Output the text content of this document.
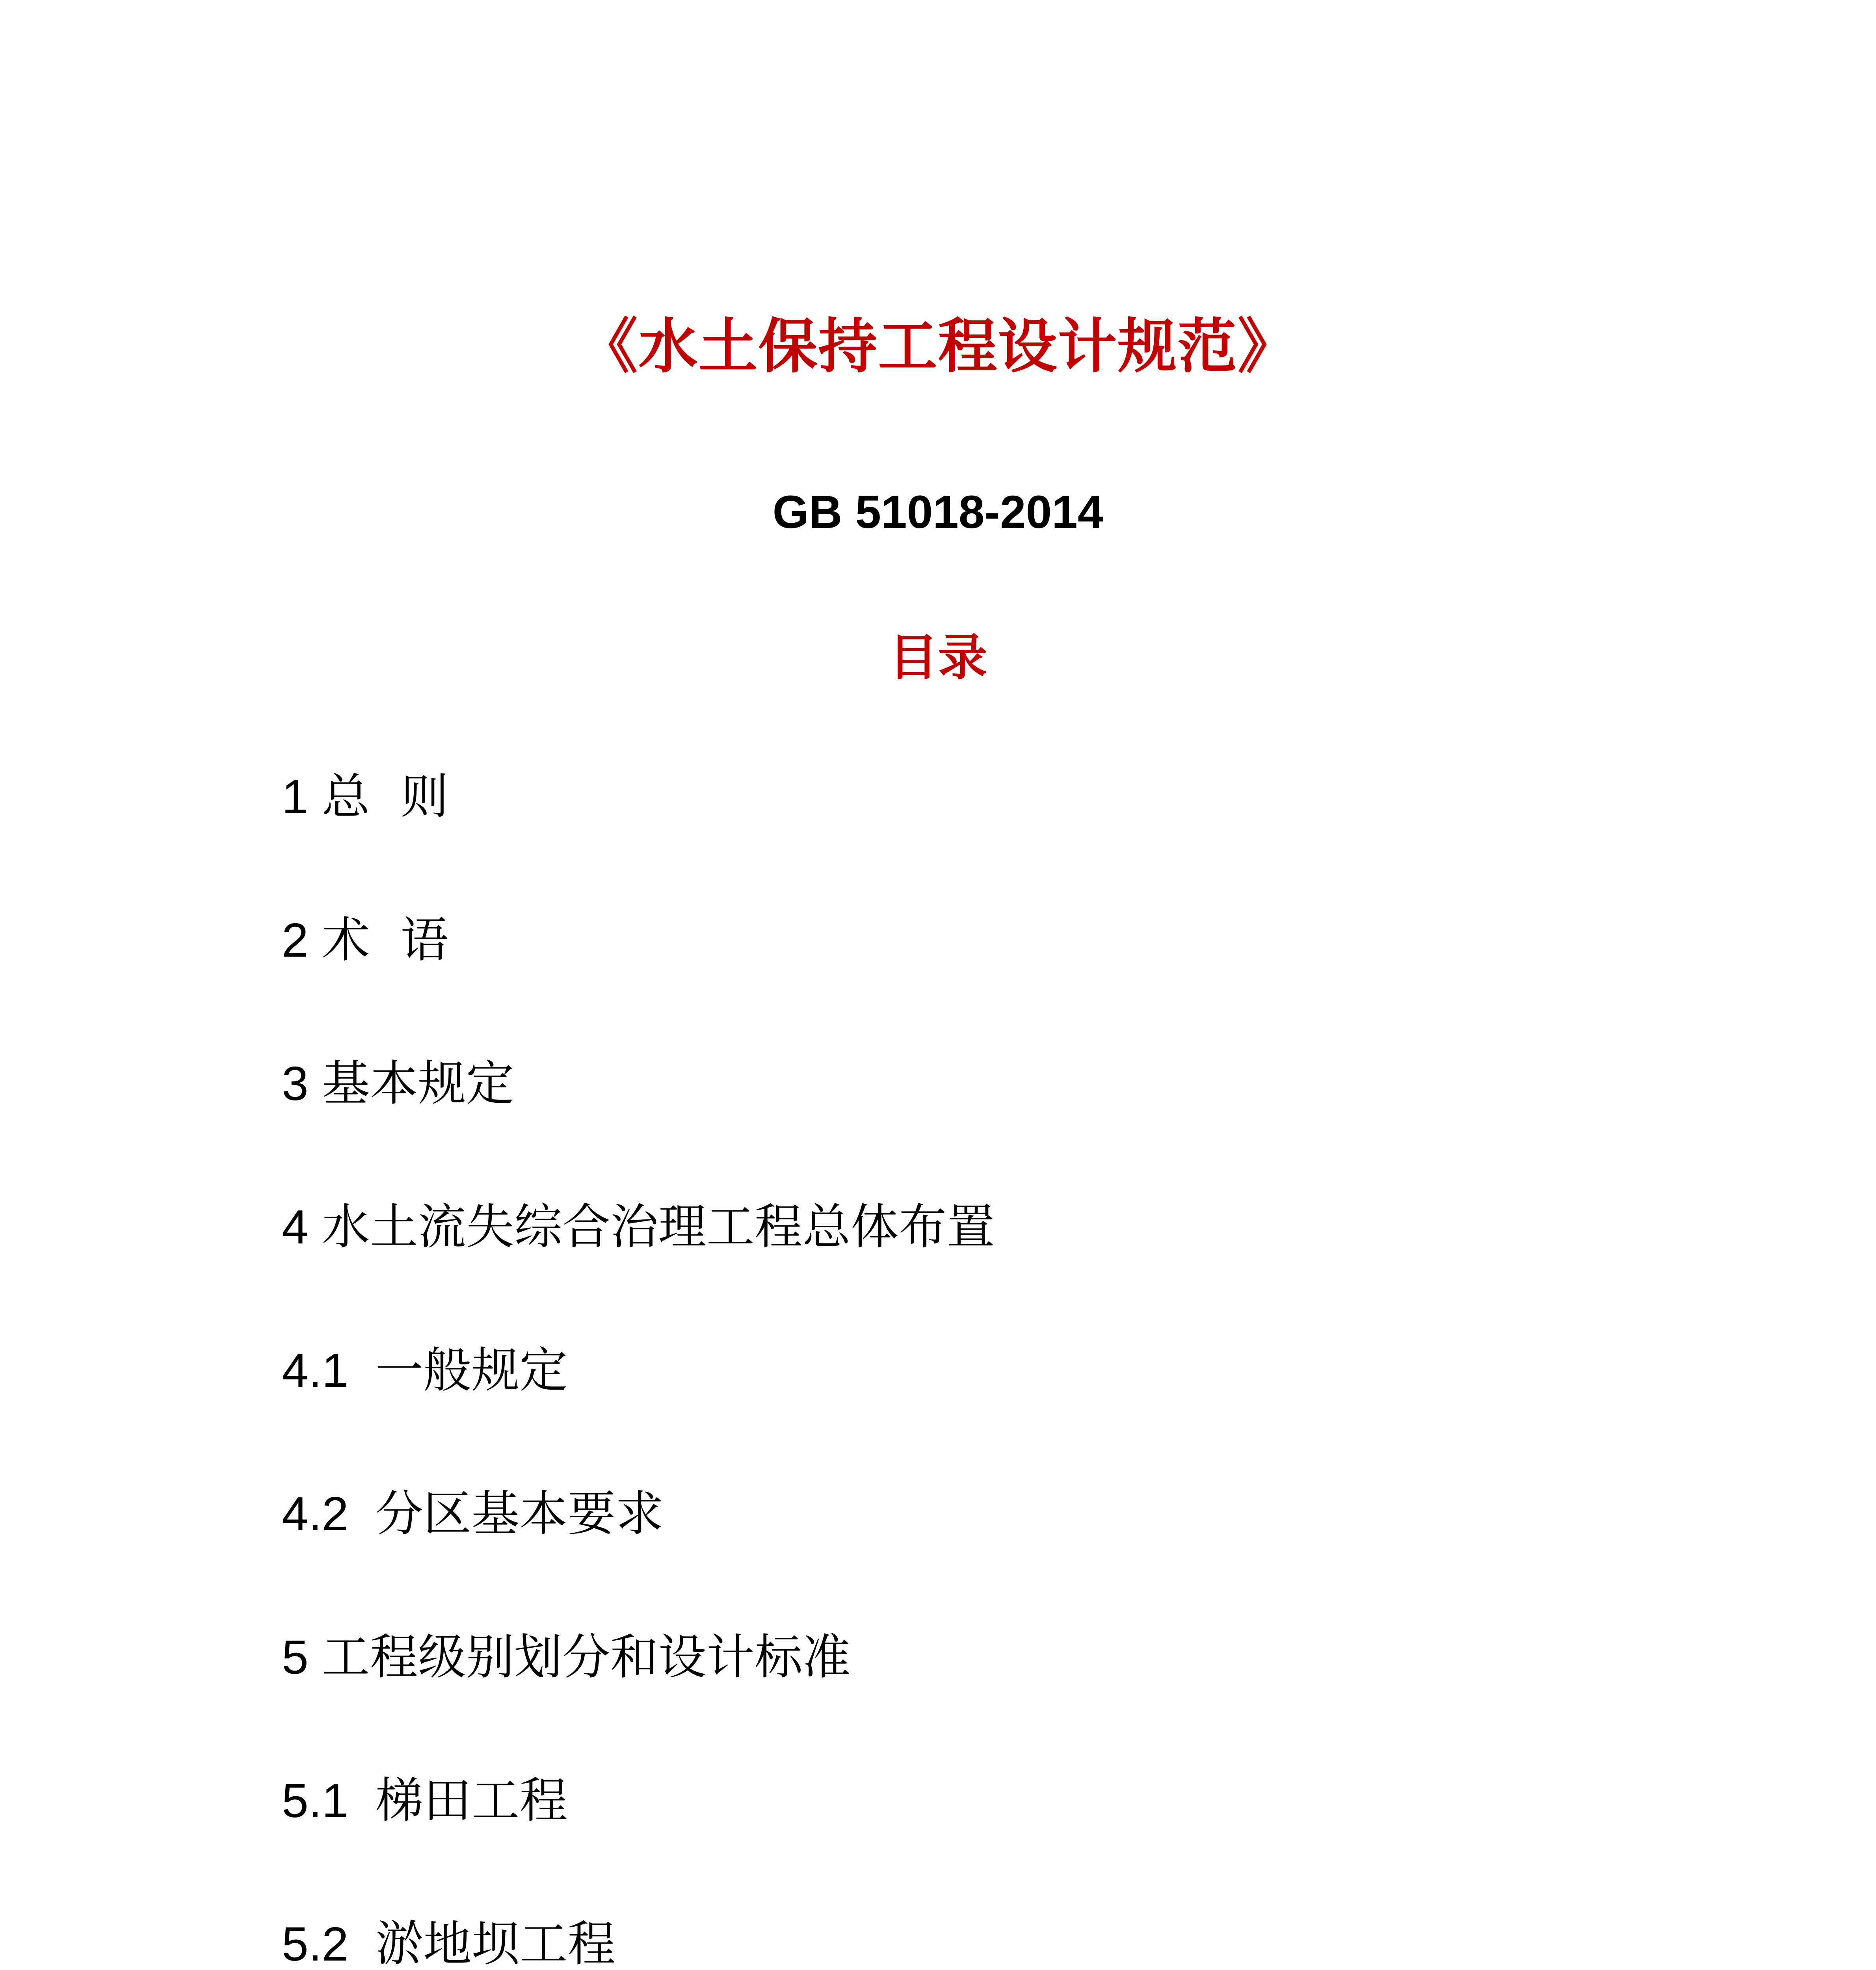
《水土保持工程设计规范》
GB 51018-2014
目录
1 总  则
2 术  语
3 基本规定
4 水土流失综合治理工程总体布置
4.1  一般规定
4.2  分区基本要求
5 工程级别划分和设计标准
5.1  梯田工程
5.2  淤地坝工程
